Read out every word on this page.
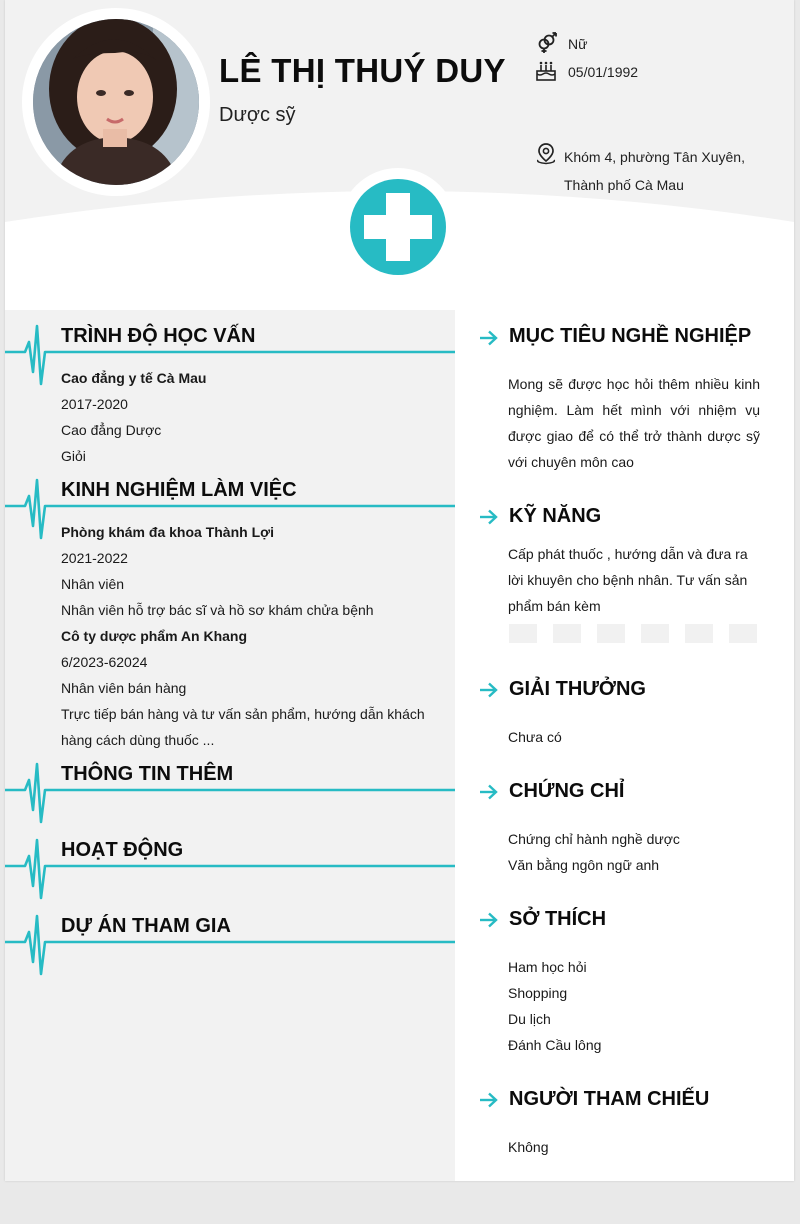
LÊ THỊ THUÝ DUY
Dược sỹ
Nữ
05/01/1992
Khóm 4, phường Tân Xuyên,
Thành phố Cà Mau
TRÌNH ĐỘ HỌC VẤN
Cao đẳng y tế Cà Mau
2017-2020
Cao đẳng Dược
Giỏi
KINH NGHIỆM LÀM VIỆC
Phòng khám đa khoa Thành Lợi
2021-2022
Nhân viên
Nhân viên hỗ trợ bác sĩ và hồ sơ khám chửa bệnh
Cô ty dược phẩm An Khang
6/2023-62024
Nhân viên bán hàng
Trực tiếp bán hàng và tư vấn sản phẩm, hướng dẫn khách
hàng cách dùng thuốc ...
THÔNG TIN THÊM
HOẠT ĐỘNG
DỰ ÁN THAM GIA
MỤC TIÊU NGHỀ NGHIỆP
Mong sẽ được học hỏi thêm nhiều kinh nghiệm. Làm hết mình với nhiệm vụ được giao để có thể trở thành dược sỹ với chuyên môn cao
KỸ NĂNG
Cấp phát thuốc , hướng dẫn và đưa ra lời khuyên cho bệnh nhân. Tư vấn sản phẩm bán kèm
GIẢI THƯỞNG
Chưa có
CHỨNG CHỈ
Chứng chỉ hành nghề dược
Văn bằng ngôn ngữ anh
SỞ THÍCH
Ham học hỏi
Shopping
Du lịch
Đánh Cầu lông
NGƯỜI THAM CHIẾU
Không
